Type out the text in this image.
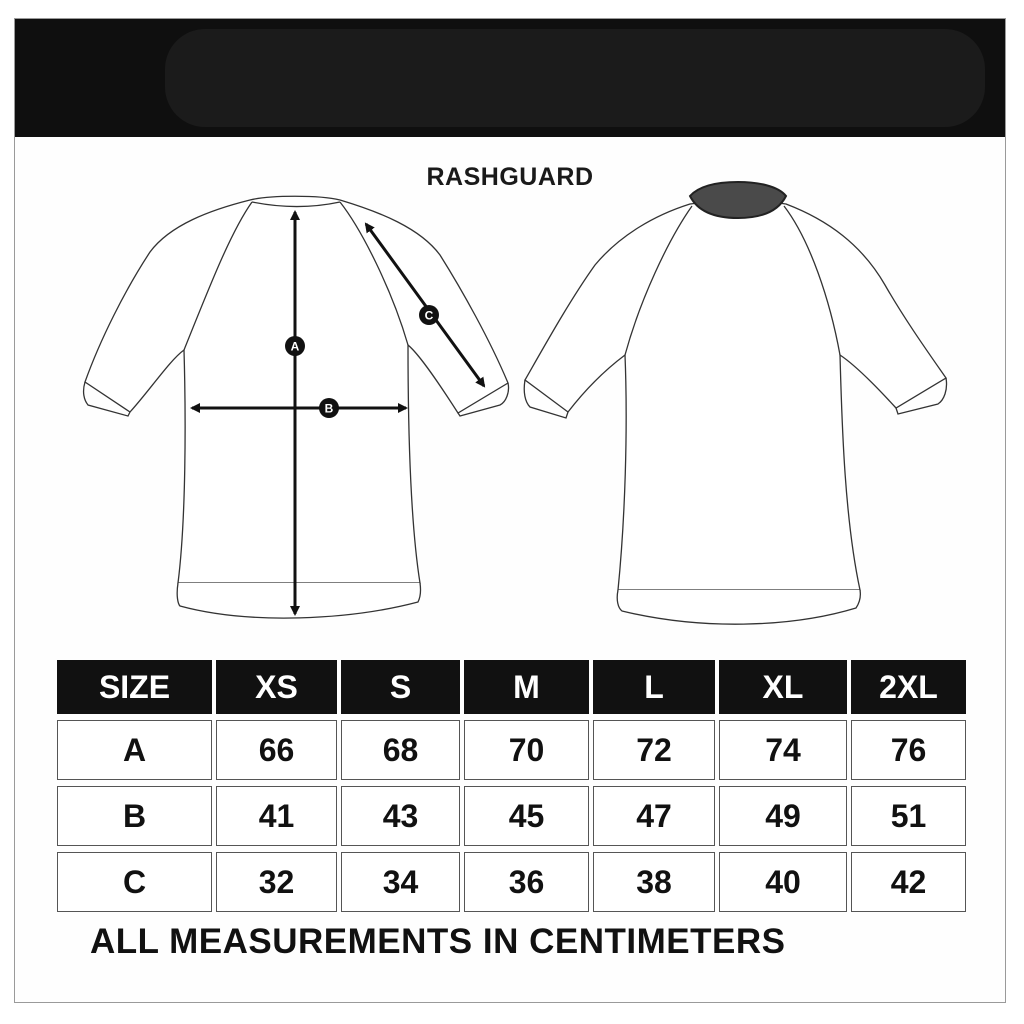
RASHGUARD
A
B
C
SIZE	XS	S	M	L	XL	2XL
A	66	68	70	72	74	76
B	41	43	45	47	49	51
C	32	34	36	38	40	42
ALL MEASUREMENTS IN CENTIMETERS
